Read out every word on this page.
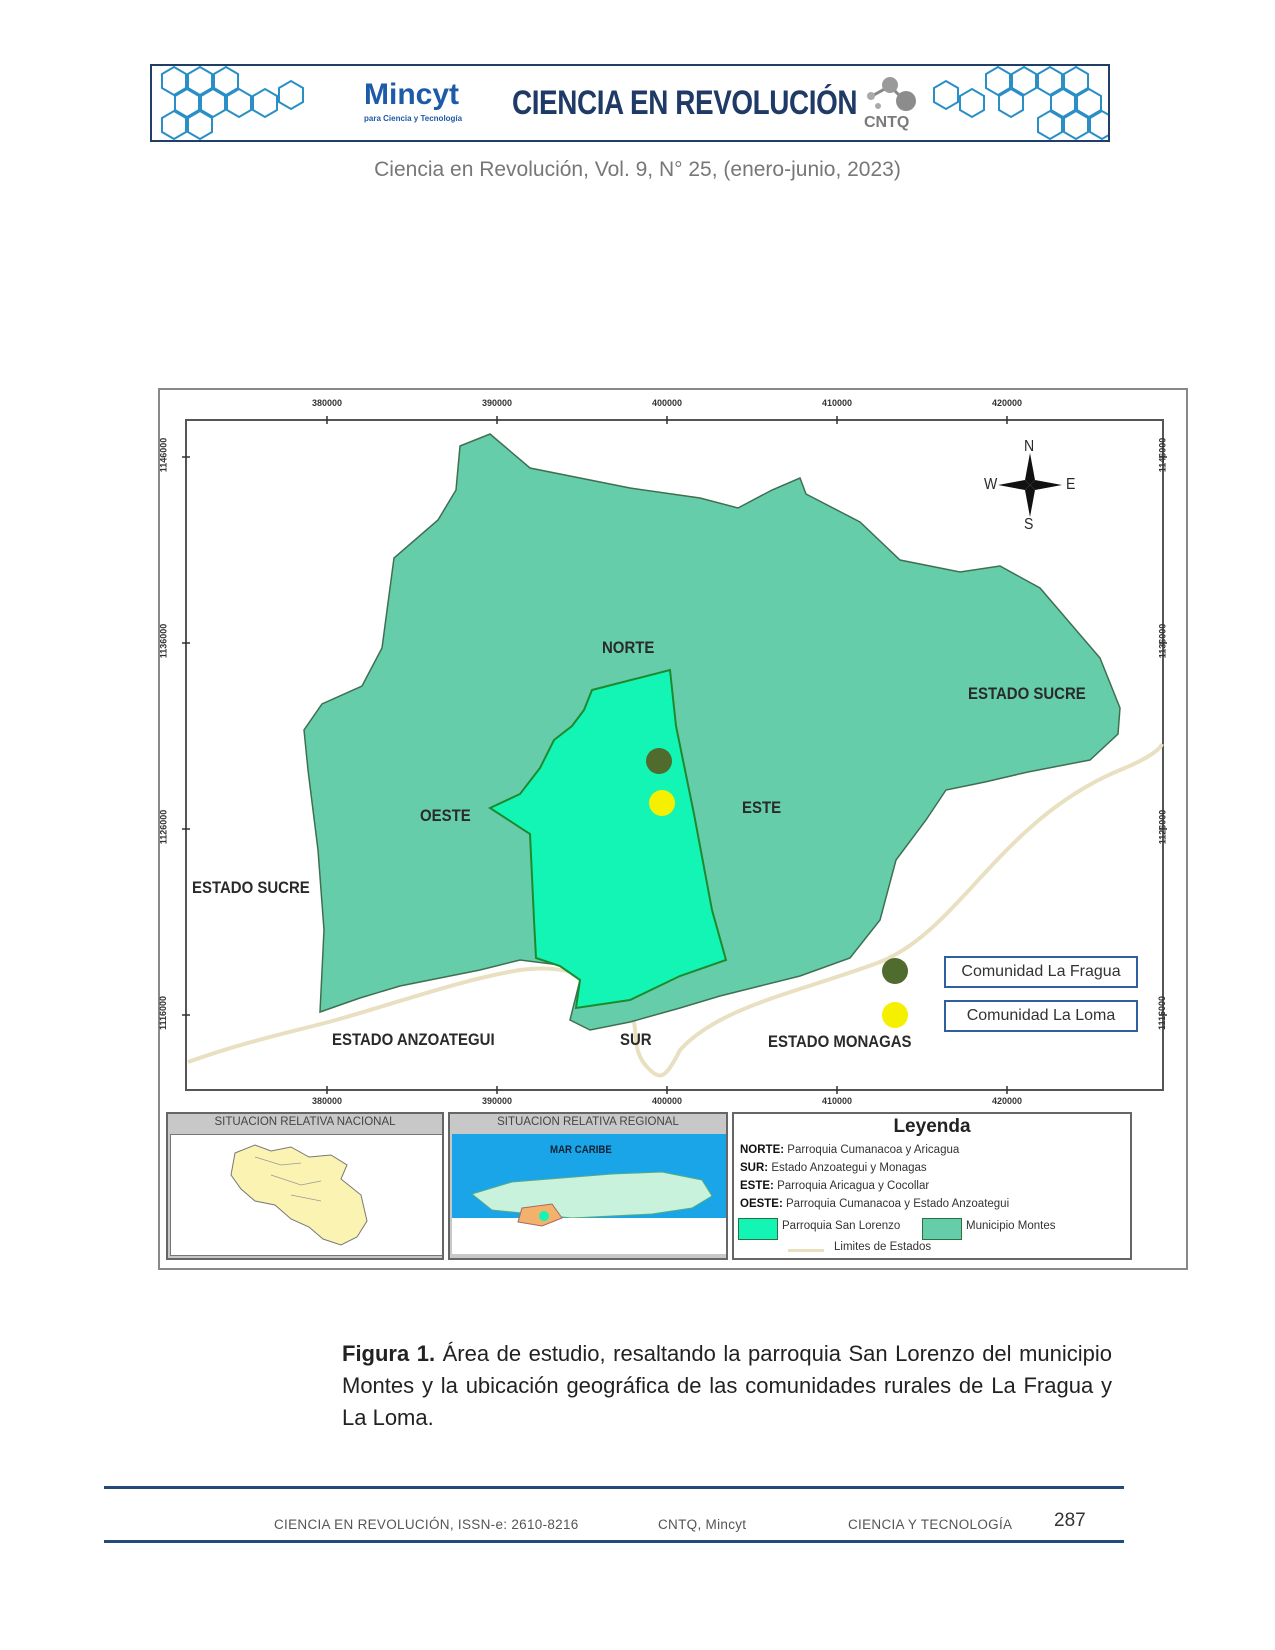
Mincyt
para Ciencia y Tecnología CIENCIA EN REVOLUCIÓN
CNTQ
Ciencia en Revolución, Vol. 9, N° 25, (enero-junio, 2023)
380000	390000	400000	410000	420000
380000	390000	400000	410000	420000
1146000
1136000
1126000
1116000
1146000
1136000
1126000
1116000
N
S
E
W
NORTE
ESTE
OESTE
SUR
ESTADO SUCRE
ESTADO SUCRE
ESTADO ANZOATEGUI	ESTADO MONAGAS
Comunidad La Fragua
Comunidad La Loma
SITUACION RELATIVA NACIONAL	SITUACION RELATIVA REGIONAL
MAR CARIBE
Leyenda
NORTE: Parroquia Cumanacoa y Aricagua
SUR: Estado Anzoategui y Monagas
ESTE: Parroquia Aricagua y Cocollar
OESTE: Parroquia Cumanacoa y Estado Anzoategui
Parroquia San Lorenzo	Municipio Montes
Limites de Estados
Figura 1. Área de estudio, resaltando la parroquia San Lorenzo del municipio Montes y la ubicación geográfica de las comunidades rurales de La Fragua y La Loma.
CIENCIA EN REVOLUCIÓN, ISSN-e: 2610-8216	CNTQ, Mincyt	CIENCIA Y TECNOLOGÍA 287
